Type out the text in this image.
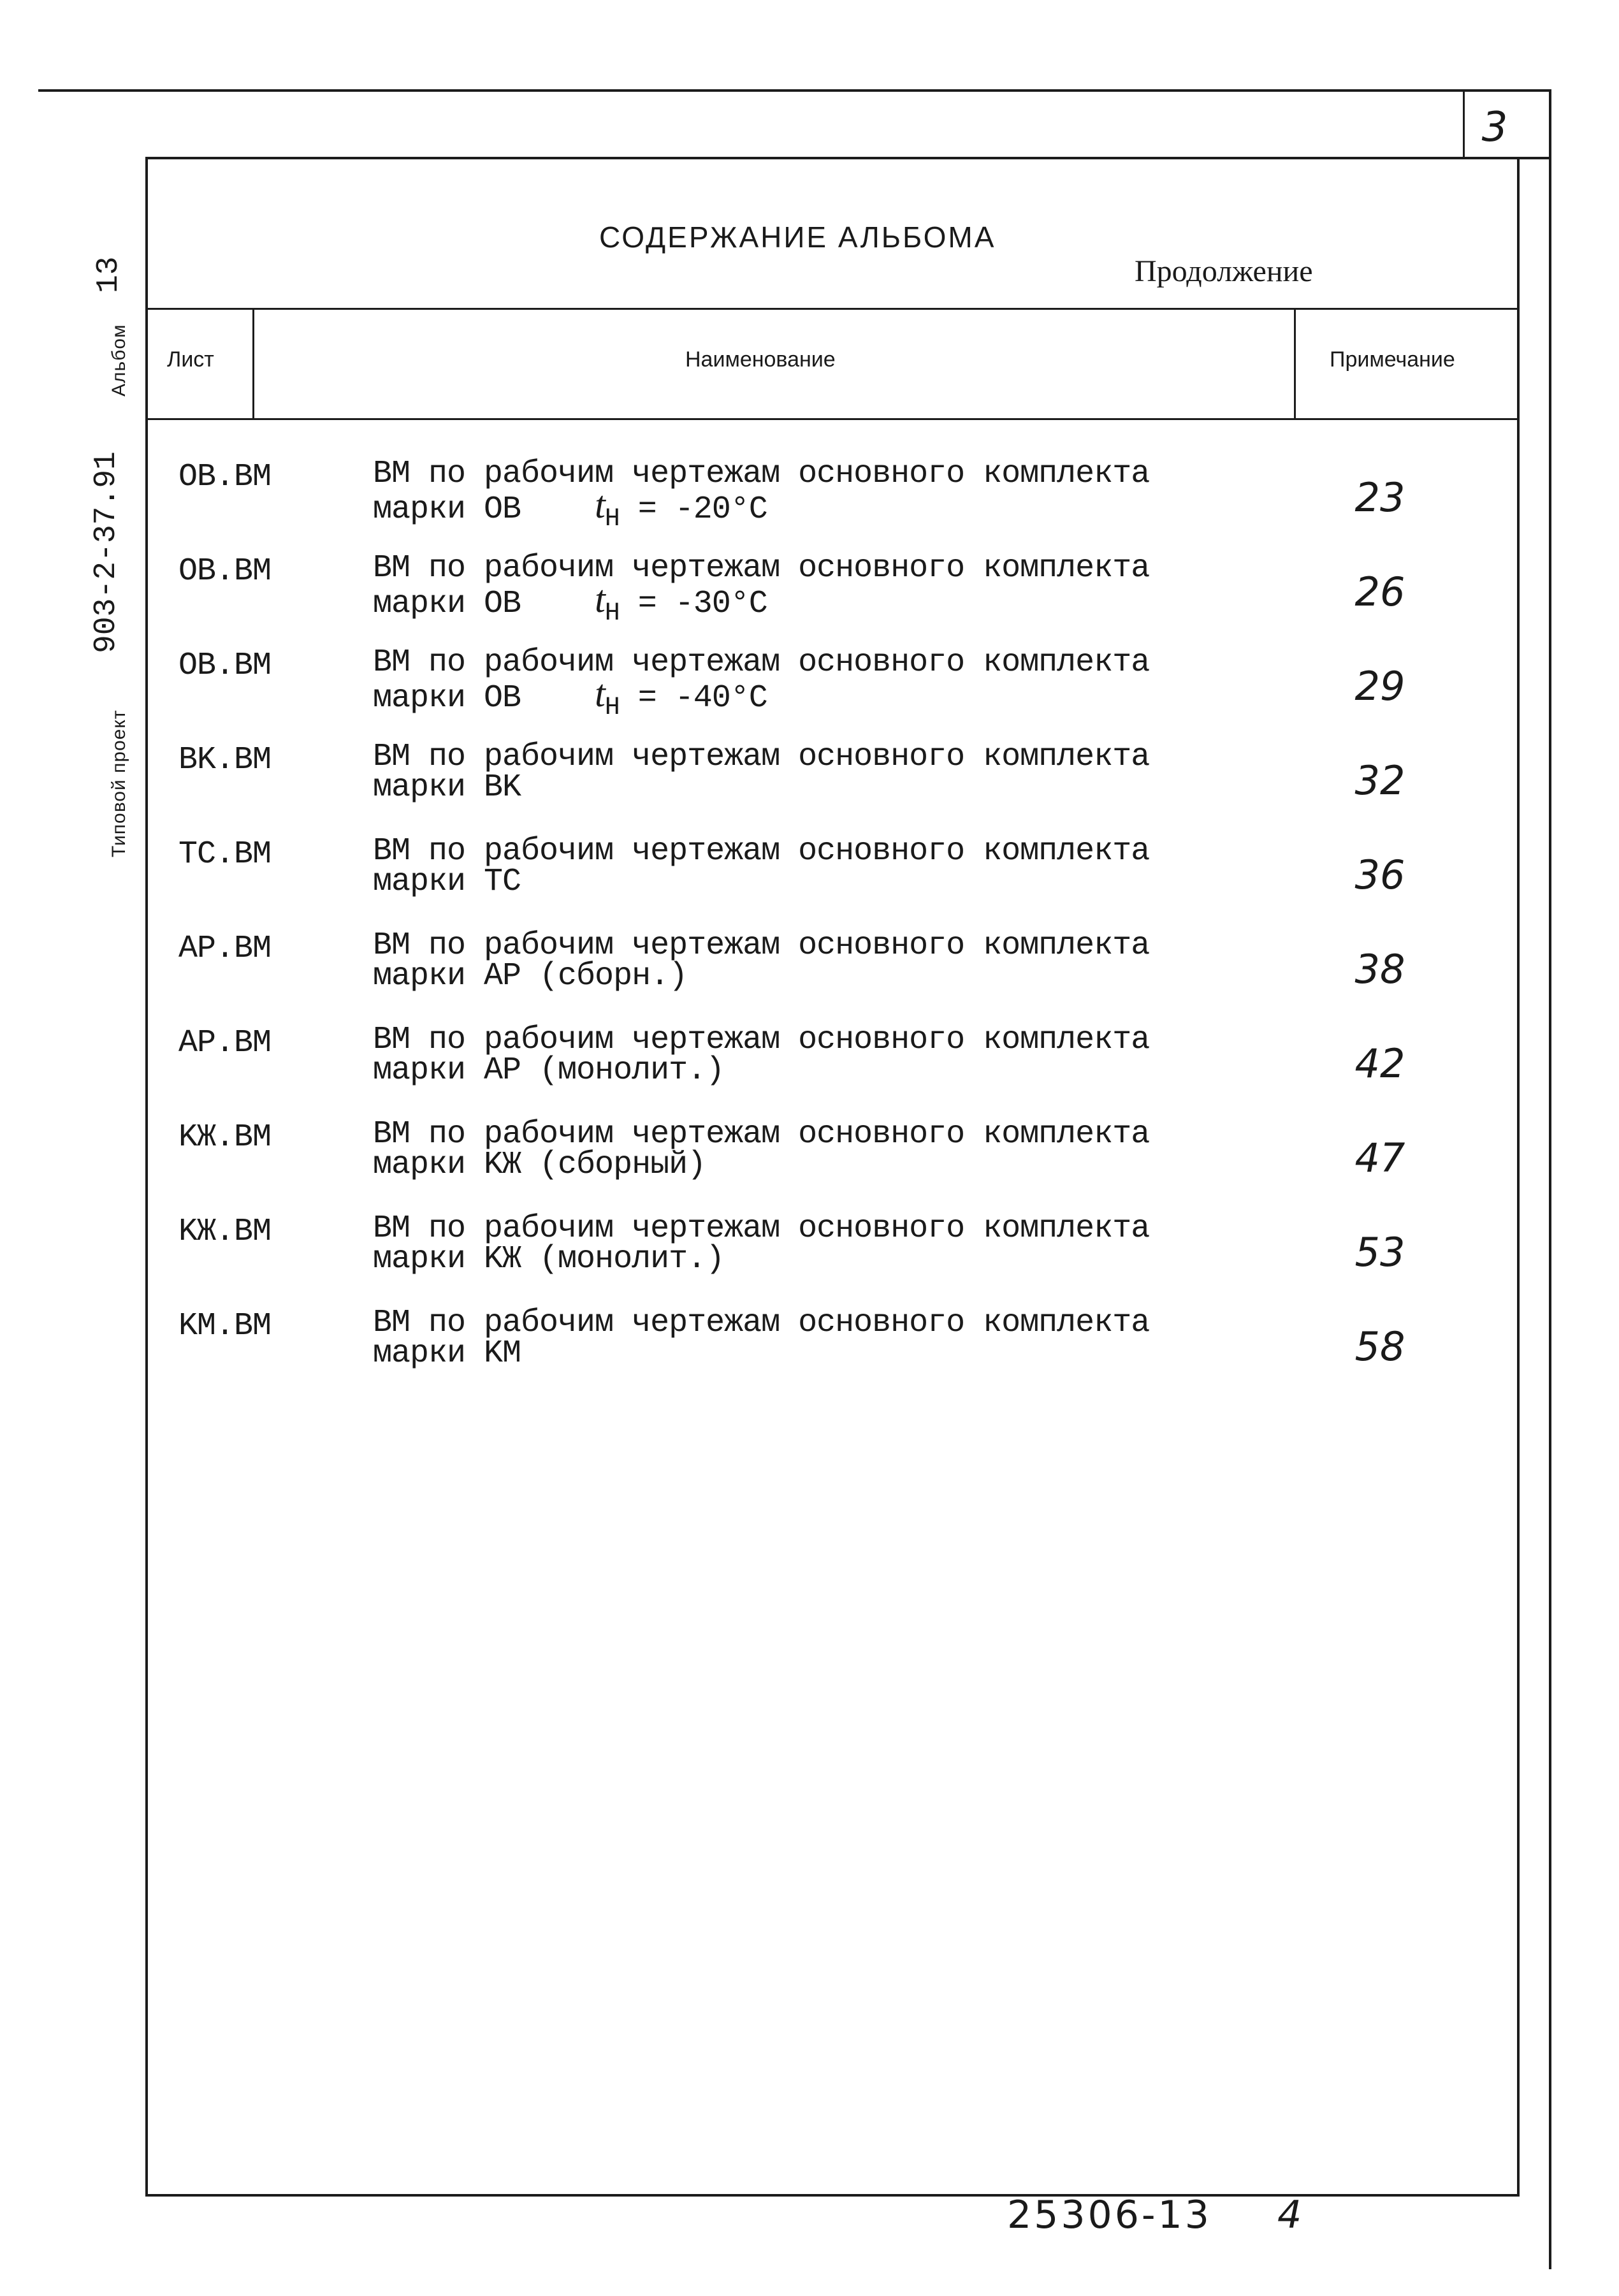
3
Альбом
13
Типовой проект
903-2-37.91
СОДЕРЖАНИЕ АЛЬБОМА
Продолжение
Лист	Наименование	Примечание
OB.BM	BM по рабочим чертежам основного комплекта
марки OB $t_H = -20^\circ C$	23
OB.BM	BM по рабочим чертежам основного комплекта
марки OB $t_H = -30^\circ C$	26
OB.BM	BM по рабочим чертежам основного комплекта
марки OB $t_H = -40^\circ C$	29
BK.BM	BM по рабочим чертежам основного комплекта
марки BK	32
TC.BM	BM по рабочим чертежам основного комплекта
марки TC	36
AP.BM	BM по рабочим чертежам основного комплекта
марки AP (сборн.)	38
AP.BM	BM по рабочим чертежам основного комплекта
марки AP (монолит.)	42
KЖ.BM	BM по рабочим чертежам основного комплекта
марки KЖ (сборный)	47
KЖ.BM	BM по рабочим чертежам основного комплекта
марки KЖ (монолит.)	53
KM.BM	BM по рабочим чертежам основного комплекта
марки KM	58
25306-13 4
